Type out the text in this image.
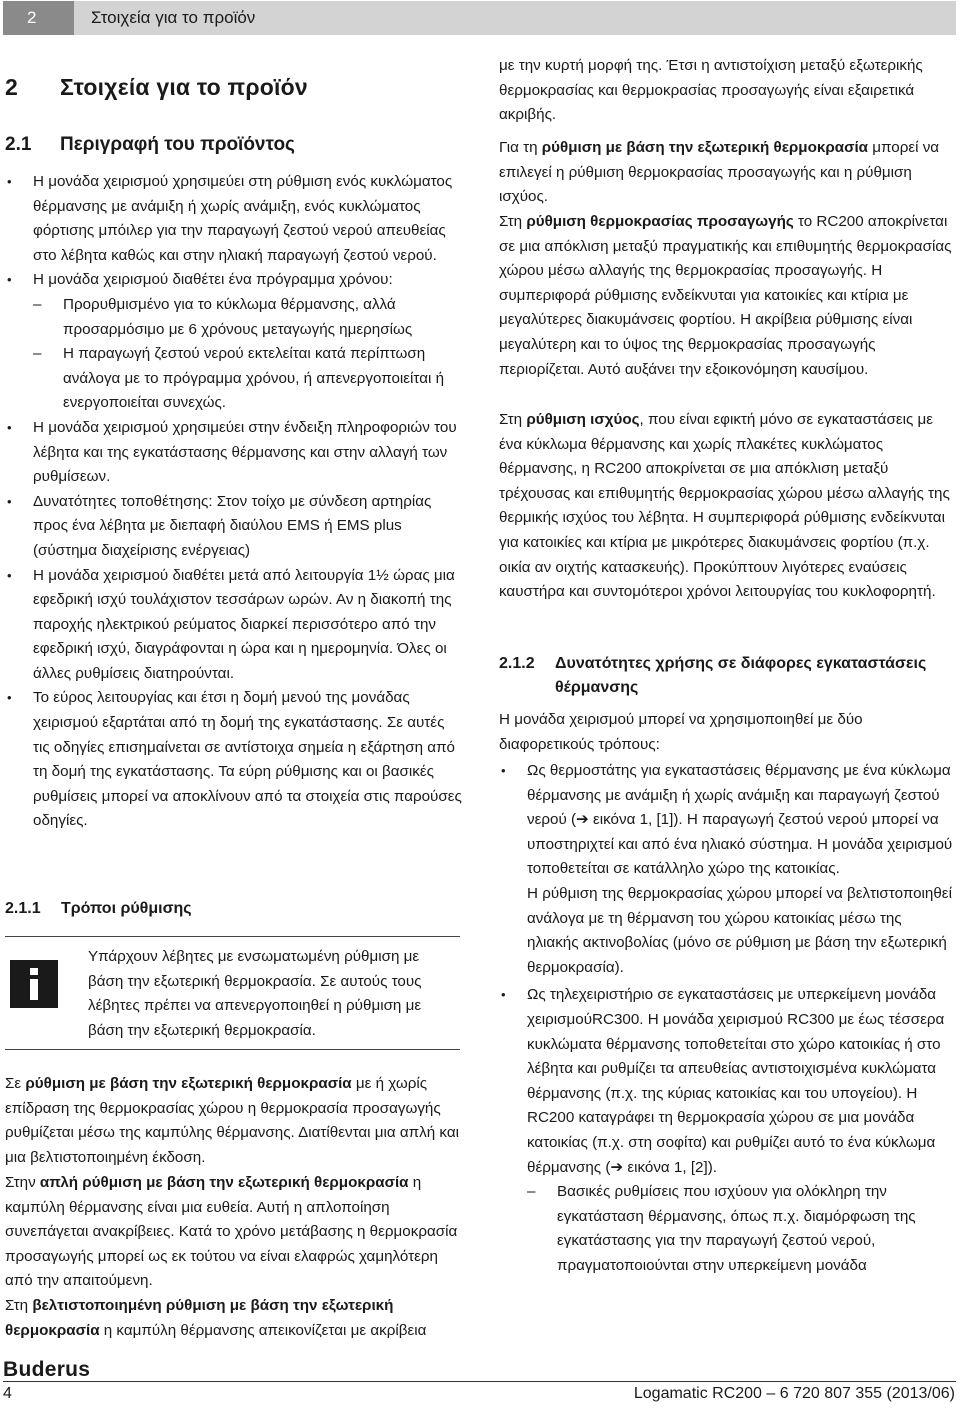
2	Στοιχεία για το προϊόν
2 Στοιχεία για το προϊόν
2.1 Περιγραφή του προϊόντος
• Η μονάδα χειρισμού χρησιμεύει στη ρύθμιση ενός κυκλώματος θέρμανσης με ανάμιξη ή χωρίς ανάμιξη, ενός κυκλώματος φόρτισης μπόιλερ για την παραγωγή ζεστού νερού απευθείας στο λέβητα καθώς και στην ηλιακή παραγωγή ζεστού νερού.
• Η μονάδα χειρισμού διαθέτει ένα πρόγραμμα χρόνου:
– Προρυθμισμένο για το κύκλωμα θέρμανσης, αλλά προσαρμόσιμο με 6 χρόνους μεταγωγής ημερησίως
– Η παραγωγή ζεστού νερού εκτελείται κατά περίπτωση ανάλογα με το πρόγραμμα χρόνου, ή απενεργοποιείται ή ενεργοποιείται συνεχώς.
• Η μονάδα χειρισμού χρησιμεύει στην ένδειξη πληροφοριών του λέβητα και της εγκατάστασης θέρμανσης και στην αλλαγή των ρυθμίσεων.
• Δυνατότητες τοποθέτησης: Στον τοίχο με σύνδεση αρτηρίας προς ένα λέβητα με διεπαφή διαύλου EMS ή EMS plus (σύστημα διαχείρισης ενέργειας)
• Η μονάδα χειρισμού διαθέτει μετά από λειτουργία 1½ ώρας μια εφεδρική ισχύ τουλάχιστον τεσσάρων ωρών. Αν η διακοπή της παροχής ηλεκτρικού ρεύματος διαρκεί περισσότερο από την εφεδρική ισχύ, διαγράφονται η ώρα και η ημερομηνία. Όλες οι άλλες ρυθμίσεις διατηρούνται.
• Το εύρος λειτουργίας και έτσι η δομή μενού της μονάδας χειρισμού εξαρτάται από τη δομή της εγκατάστασης. Σε αυτές τις οδηγίες επισημαίνεται σε αντίστοιχα σημεία η εξάρτηση από τη δομή της εγκατάστασης. Τα εύρη ρύθμισης και οι βασικές ρυθμίσεις μπορεί να αποκλίνουν από τα στοιχεία στις παρούσες οδηγίες.
2.1.1 Τρόποι ρύθμισης
Υπάρχουν λέβητες με ενσωματωμένη ρύθμιση με βάση την εξωτερική θερμοκρασία. Σε αυτούς τους λέβητες πρέπει να απενεργοποιηθεί η ρύθμιση με βάση την εξωτερική θερμοκρασία.
Σε ρύθμιση με βάση την εξωτερική θερμοκρασία με ή χωρίς επίδραση της θερμοκρασίας χώρου η θερμοκρασία προσαγωγής ρυθμίζεται μέσω της καμπύλης θέρμανσης. Διατίθενται μια απλή και μια βελτιστοποιημένη έκδοση.
Στην απλή ρύθμιση με βάση την εξωτερική θερμοκρασία η καμπύλη θέρμανσης είναι μια ευθεία. Αυτή η απλοποίηση συνεπάγεται ανακρίβειες. Κατά το χρόνο μετάβασης η θερμοκρασία προσαγωγής μπορεί ως εκ τούτου να είναι ελαφρώς χαμηλότερη από την απαιτούμενη.
Στη βελτιστοποιημένη ρύθμιση με βάση την εξωτερική θερμοκρασία η καμπύλη θέρμανσης απεικονίζεται με ακρίβεια
με την κυρτή μορφή της. Έτσι η αντιστοίχιση μεταξύ εξωτερικής θερμοκρασίας και θερμοκρασίας προσαγωγής είναι εξαιρετικά ακριβής.
Για τη ρύθμιση με βάση την εξωτερική θερμοκρασία μπορεί να επιλεγεί η ρύθμιση θερμοκρασίας προσαγωγής και η ρύθμιση ισχύος.
Στη ρύθμιση θερμοκρασίας προσαγωγής το RC200 αποκρίνεται σε μια απόκλιση μεταξύ πραγματικής και επιθυμητής θερμοκρασίας χώρου μέσω αλλαγής της θερμοκρασίας προσαγωγής. Η συμπεριφορά ρύθμισης ενδείκνυται για κατοικίες και κτίρια με μεγαλύτερες διακυμάνσεις φορτίου. Η ακρίβεια ρύθμισης είναι μεγαλύτερη και το ύψος της θερμοκρασίας προσαγωγής περιορίζεται. Αυτό αυξάνει την εξοικονόμηση καυσίμου.
Στη ρύθμιση ισχύος, που είναι εφικτή μόνο σε εγκαταστάσεις με ένα κύκλωμα θέρμανσης και χωρίς πλακέτες κυκλώματος θέρμανσης, η RC200 αποκρίνεται σε μια απόκλιση μεταξύ τρέχουσας και επιθυμητής θερμοκρασίας χώρου μέσω αλλαγής της θερμικής ισχύος του λέβητα. Η συμπεριφορά ρύθμισης ενδείκνυται για κατοικίες και κτίρια με μικρότερες διακυμάνσεις φορτίου (π.χ. οικία αν οιχτής κατασκευής). Προκύπτουν λιγότερες εναύσεις καυστήρα και συντομότεροι χρόνοι λειτουργίας του κυκλοφορητή.
2.1.2 Δυνατότητες χρήσης σε διάφορες εγκαταστάσεις θέρμανσης
Η μονάδα χειρισμού μπορεί να χρησιμοποιηθεί με δύο διαφορετικούς τρόπους:
• Ως θερμοστάτης για εγκαταστάσεις θέρμανσης με ένα κύκλωμα θέρμανσης με ανάμιξη ή χωρίς ανάμιξη και παραγωγή ζεστού νερού (➔ εικόνα 1, [1]). Η παραγωγή ζεστού νερού μπορεί να υποστηριχτεί και από ένα ηλιακό σύστημα. Η μονάδα χειρισμού τοποθετείται σε κατάλληλο χώρο της κατοικίας.
Η ρύθμιση της θερμοκρασίας χώρου μπορεί να βελτιστοποιηθεί ανάλογα με τη θέρμανση του χώρου κατοικίας μέσω της ηλιακής ακτινοβολίας (μόνο σε ρύθμιση με βάση την εξωτερική θερμοκρασία).
• Ως τηλεχειριστήριο σε εγκαταστάσεις με υπερκείμενη μονάδα χειρισμούRC300. Η μονάδα χειρισμού RC300 με έως τέσσερα κυκλώματα θέρμανσης τοποθετείται στο χώρο κατοικίας ή στο λέβητα και ρυθμίζει τα απευθείας αντιστοιχισμένα κυκλώματα θέρμανσης (π.χ. της κύριας κατοικίας και του υπογείου). Η RC200 καταγράφει τη θερμοκρασία χώρου σε μια μονάδα κατοικίας (π.χ. στη σοφίτα) και ρυθμίζει αυτό το ένα κύκλωμα θέρμανσης (➔ εικόνα 1, [2]).
– Βασικές ρυθμίσεις που ισχύουν για ολόκληρη την εγκατάσταση θέρμανσης, όπως π.χ. διαμόρφωση της εγκατάστασης για την παραγωγή ζεστού νερού, πραγματοποιούνται στην υπερκείμενη μονάδα
Buderus
4	Logamatic RC200 – 6 720 807 355 (2013/06)
